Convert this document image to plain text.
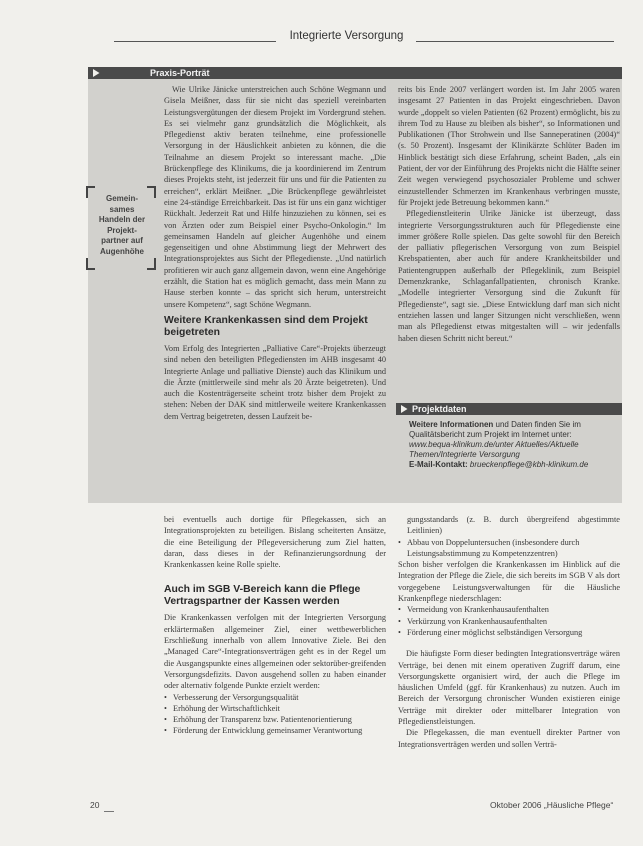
Integrierte Versorgung
Praxis-Porträt
Gemein-
sames
Handeln der
Projekt-
partner auf
Augenhöhe

Wie Ulrike Jänicke unterstreichen auch Schöne Wegmann und Gisela Meißner, dass für sie nicht das speziell vereinbarten Leistungsvergütungen der diesem Projekt im Vordergrund stehen. Es sei vielmehr ganz grundsätzlich die Möglichkeit, als Pflegedienst aktiv beraten teilnehme, eine professionelle Versorgung in der Häuslichkeit anbieten zu können, die die Teilnahme an diesem Projekt so interessant mache. „Die Brückenpflege des Klinikums, die ja koordinierend im Zentrum dieses Projekts steht, ist jederzeit für uns und für die Patienten zu erreichen“, erklärt Meißner. „Die Brückenpflege gewährleistet eine 24-ständige Erreichbarkeit. Das ist für uns ein ganz wichtiger Rückhalt. Jederzeit Rat und Hilfe hinzuziehen zu können, sei es von Ärzten oder zum Beispiel einer Psycho-Onkologin.“ Im gemeinsamen Handeln auf gleicher Augenhöhe und einem gegenseitigen und ohne Abstimmung liegt der Mehrwert des Integrationsprojektes aus Sicht der Pflegedienste. „Und natürlich profitieren wir auch ganz allgemein davon, wenn eine Angehörige erzählt, die Station hat es möglich gemacht, dass mein Mann zu Hause sterben konnte – das spricht sich herum, unterstreicht unsere Kompetenz“, sagt Schöne Wegmann.

Weitere Krankenkassen sind dem Projekt beigetreten

Vom Erfolg des Integrierten „Palliative Care“-Projekts überzeugt sind neben den beteiligten Pflegediensten im AHB insgesamt 40 Integrierte Anlage und palliative Dienste) auch das Klinikum und die Ärzte (mittlerweile sind mehr als 20 Ärzte beigetreten). Und auch die Kostenträgerseite scheint trotz bisher dem Projekt zu stehen: Neben der DAK sind mittlerweile weitere Krankenkassen dem Vertrag beigetreten, dessen Laufzeit be-

reits bis Ende 2007 verlängert worden ist. Im Jahr 2005 waren insgesamt 27 Patienten in das Projekt eingeschrieben. Davon wurde „doppelt so vielen Patienten (62 Prozent) ermöglicht, bis zu ihrem Tod zu Hause zu bleiben als bisher“, so Informationen und Publikationen (Thor Strohwein und Ilse Sanneperatinen (2004)“ (s. 50 Prozent). Insgesamt der Klinikärzte Schlüter Baden im Hinblick bestätigt sich diese Erfahrung, scheint Baden, „als ein Patient, der vor der Einführung des Projekts nicht die Hälfte seiner Zeit wegen verwiegend psychosozialer Probleme und schwer einzustellender Schmerzen im Krankenhaus verbringen musste, für Projekt jede Betreuung bekommen kann.“

Pflegedienstleiterin Ulrike Jänicke ist überzeugt, dass integrierte Versorgungsstrukturen auch für Pflegedienste eine immer größere Rolle spielen. Das gelte sowohl für den Bereich der palliativ pflegerischen Versorgung von zum Beispiel Krebspatienten, aber auch für andere Krankheitsbilder und Patientengruppen außerhalb der Pflegeklinik, zum Beispiel Demenzkranke, Schlaganfallpatienten, chronisch Kranke. „Modelle integrierter Versorgung sind die Zukunft für Pflegedienste“, sagt sie. „Diese Entwicklung darf man sich nicht entziehen lassen und langer Sitzungen nicht verschließen, wenn man als Pflegedienst etwas mitgestalten will – wir jedenfalls haben diesen Schritt nicht bereut.“

Projektdaten
Weitere Informationen und Daten finden Sie im Qualitätsbericht zum Projekt im Internet unter:
www.bequa-klinikum.de/unter Aktuelles/Aktuelle Themen/Integrierte Versorgung
E-Mail-Kontakt: brueckenpflege@kbh-klinikum.de

bei eventuells auch dortige für Pflegekassen, sich an Integrationsprojekten zu beteiligen. Bislang scheiterten Ansätze, die eine Beteiligung der Pflegeversicherung zum Ziel hatten, daran, dass dieses in der Refinanzierungsordnung der Krankenkassen keine Rolle spielte.

Auch im SGB V-Bereich kann die Pflege Vertragspartner der Kassen werden

Die Krankenkassen verfolgen mit der Integrierten Versorgung erklärtermaßen allgemeiner Ziel, einer wettbewerblichen Erschließung innerhalb von allem Innovative Ziele. Bei den „Managed Care“-Integrationsverträgen geht es in der Regel um die Ausgangspunkte eines allgemeinen oder sektorüber-greifenden Versorgungsdefizits. Davon ausgehend sollen zu haben einander oder alternativ folgende Punkte erzielt werden:

• Verbesserung der Versorgungsqualität
• Erhöhung der Wirtschaftlichkeit
• Erhöhung der Transparenz bzw. Patientenorientierung
• Förderung der Entwicklung gemeinsamer Verantwortung

gungsstandards (z. B. durch übergreifend abgestimmte Leitlinien)

• Abbau von Doppeluntersuchen (insbesondere durch Leistungsabstimmung zu Kompetenzzentren)

Schon bisher verfolgen die Krankenkassen im Hinblick auf die Integration der Pflege die Ziele, die sich bereits im SGB V als dort vorgegebene Leistungsverwaltungen für die Häusliche Krankenpflege niederschlagen:

• Vermeidung von Krankenhausaufenthalten
• Verkürzung von Krankenhausaufenthalten
• Förderung einer möglichst selbständigen Versorgung

Die häufigste Form dieser bedingten Integrationsverträge wären Verträge, bei denen mit einem operativen Zugriff darum, eine Versorgungskette organisiert wird, der auch die Pflege im häuslichen Umfeld (ggf. für Krankenhaus) zu nutzen. Auch im Bereich der Versorgung chronischer Wunden existieren einige Verträge mit direkter oder mittelbarer Integration von Pflegedienstleistungen.

Die Pflegekassen, die man eventuell direkter Partner von Integrationsverträgen werden und sollen Verträ-

20	Oktober 2006 „Häusliche Pflege“
